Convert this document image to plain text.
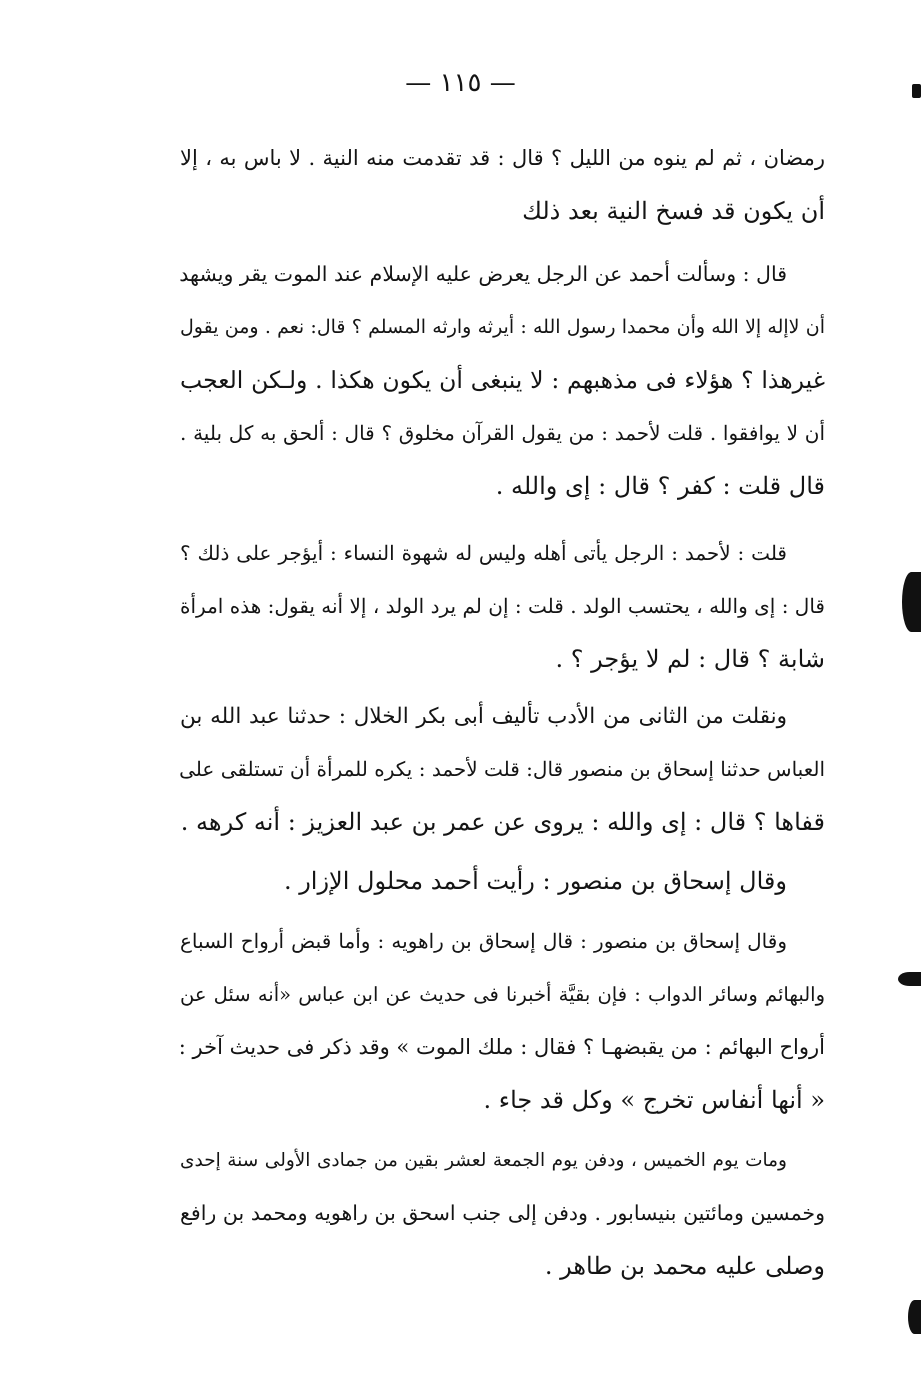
— ١١٥ —
رمضان ، ثم لم ينوه من الليل ؟ قال : قد تقدمت منه النية . لا باس به ، إلا
أن يكون قد فسخ النية بعد ذلك
قال : وسألت أحمد عن الرجل يعرض عليه الإسلام عند الموت يقر ويشهد
أن لاإله إلا الله وأن محمدا رسول الله : أيرثه وارثه المسلم ؟ قال: نعم . ومن يقول
غيرهذا ؟ هؤلاء فى مذهبهم : لا ينبغى أن يكون هكذا . ولـكن العجب
أن لا يوافقوا . قلت لأحمد : من يقول القرآن مخلوق ؟ قال : ألحق به كل بلية .
قال قلت : كفر ؟ قال : إى والله .
قلت : لأحمد : الرجل يأتى أهله وليس له شهوة النساء : أيؤجر على ذلك ؟
قال : إى والله ، يحتسب الولد . قلت : إن لم يرد الولد ، إلا أنه يقول: هذه امرأة
شابة ؟ قال : لم لا يؤجر ؟ .
ونقلت من الثانى من الأدب تأليف أبى بكر الخلال : حدثنا عبد الله بن
العباس حدثنا إسحاق بن منصور قال: قلت لأحمد : يكره للمرأة أن تستلقى على
قفاها ؟ قال : إى والله : يروى عن عمر بن عبد العزيز : أنه كرهه .
وقال إسحاق بن منصور : رأيت أحمد محلول الإزار .
وقال إسحاق بن منصور : قال إسحاق بن راهويه : وأما قبض أرواح السباع
والبهائم وسائر الدواب : فإن بقيَّة أخبرنا فى حديث عن ابن عباس «أنه سئل عن
أرواح البهائم : من يقبضهـا ؟ فقال : ملك الموت » وقد ذكر فى حديث آخر :
« أنها أنفاس تخرج » وكل قد جاء .
ومات يوم الخميس ، ودفن يوم الجمعة لعشر بقين من جمادى الأولى سنة إحدى
وخمسين ومائتين بنيسابور . ودفن إلى جنب اسحق بن راهويه ومحمد بن رافع
وصلى عليه محمد بن طاهر .
